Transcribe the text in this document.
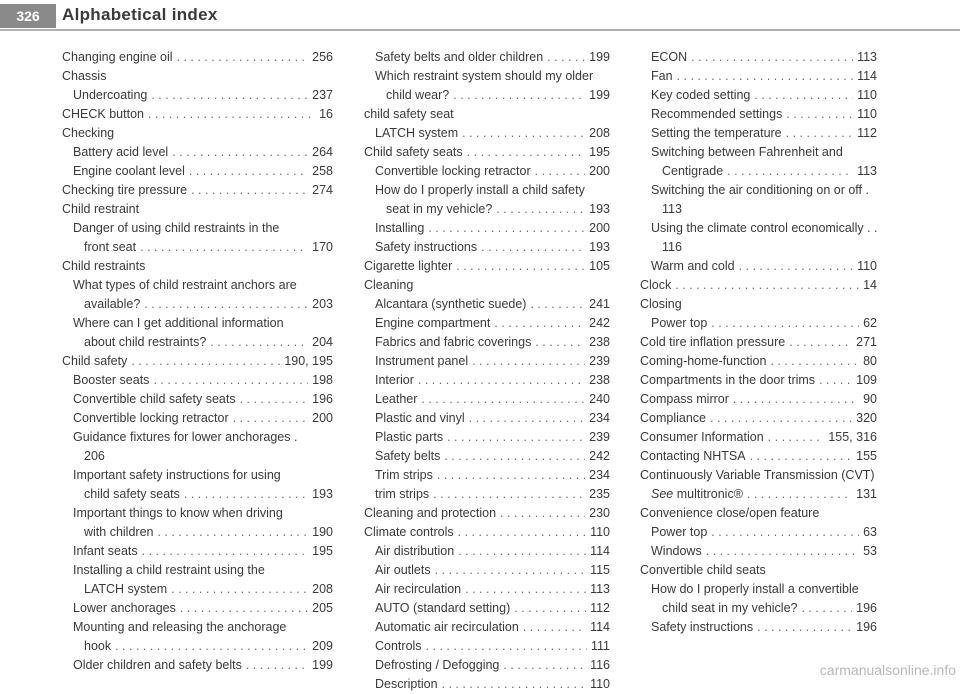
326	Alphabetical index
Changing engine oil . . .	256
Chassis
Undercoating . . .	237
CHECK button . . .	16
Checking
Battery acid level . . .	264
Engine coolant level . . .	258
Checking tire pressure . . .	274
Child restraint
Danger of using child restraints in the
front seat . . .	170
Child restraints
What types of child restraint anchors are
available? . . .	203
Where can I get additional information
about child restraints? . . .	204
Child safety . . .	190, 195
Booster seats . . .	198
Convertible child safety seats . . .	196
Convertible locking retractor . . .	200
Guidance fixtures for lower anchorages .
206
Important safety instructions for using
child safety seats . . .	193
Important things to know when driving
with children . . .	190
Infant seats . . .	195
Installing a child restraint using the
LATCH system . . .	208
Lower anchorages . . .	205
Mounting and releasing the anchorage
hook . . .	209
Older children and safety belts . . .	199
Safety belts and older children . . .	199
Which restraint system should my older
child wear? . . .	199
child safety seat
LATCH system . . .	208
Child safety seats . . .	195
Convertible locking retractor . . .	200
How do I properly install a child safety
seat in my vehicle? . . .	193
Installing . . .	200
Safety instructions . . .	193
Cigarette lighter . . .	105
Cleaning
Alcantara (synthetic suede) . . .	241
Engine compartment . . .	242
Fabrics and fabric coverings . . .	238
Instrument panel . . .	239
Interior . . .	238
Leather . . .	240
Plastic and vinyl . . .	234
Plastic parts . . .	239
Safety belts . . .	242
Trim strips . . .	234
trim strips . . .	235
Cleaning and protection . . .	230
Climate controls . . .	110
Air distribution . . .	114
Air outlets . . .	115
Air recirculation . . .	113
AUTO (standard setting) . . .	112
Automatic air recirculation . . .	114
Controls . . .	111
Defrosting / Defogging . . .	116
Description . . .	110
ECON . . .	113
Fan . . .	114
Key coded setting . . .	110
Recommended settings . . .	110
Setting the temperature . . .	112
Switching between Fahrenheit and
Centigrade . . .	113
Switching the air conditioning on or off .
113
Using the climate control economically . .
116
Warm and cold . . .	110
Clock . . .	14
Closing
Power top . . .	62
Cold tire inflation pressure . . .	271
Coming-home-function . . .	80
Compartments in the door trims . . .	109
Compass mirror . . .	90
Compliance . . .	320
Consumer Information . . .	155, 316
Contacting NHTSA . . .	155
Continuously Variable Transmission (CVT)
See
multitronic® . . .	131
Convenience close/open feature
Power top . . .	63
Windows . . .	53
Convertible child seats
How do I properly install a convertible
child seat in my vehicle? . . .	196
Safety instructions . . .	196
carmanualsonline.info
